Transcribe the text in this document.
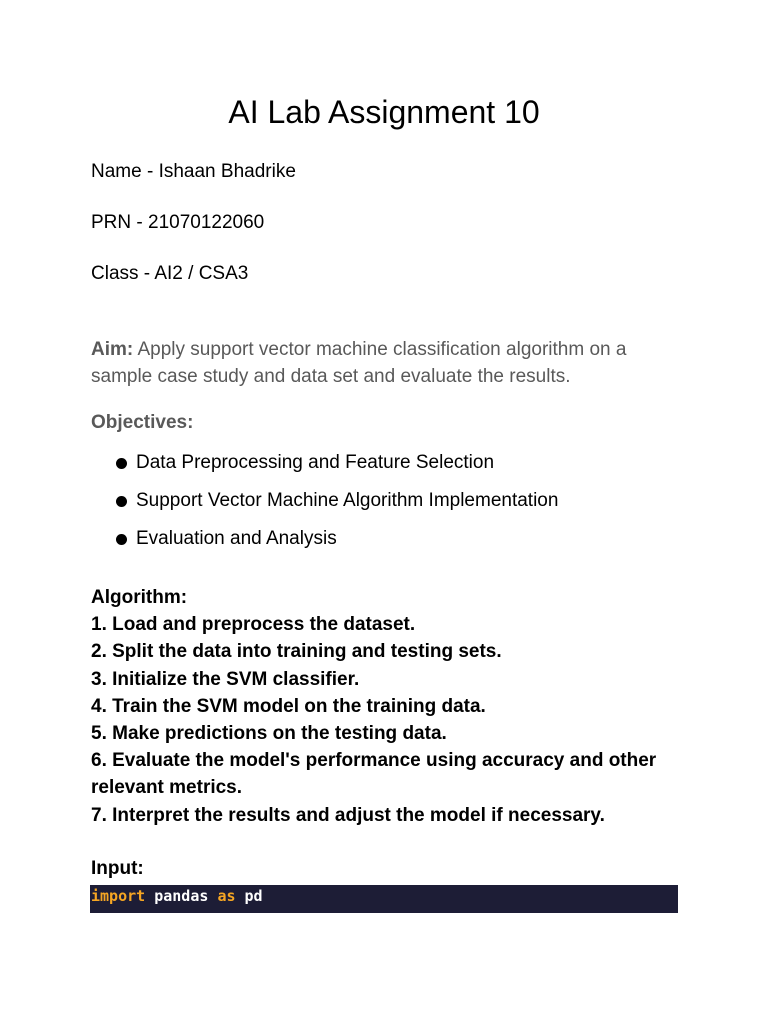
AI Lab Assignment 10
Name - Ishaan Bhadrike
PRN - 21070122060
Class - AI2 / CSA3
Aim: Apply support vector machine classification algorithm on a sample case study and data set and evaluate the results.
Objectives:
Data Preprocessing and Feature Selection
Support Vector Machine Algorithm Implementation
Evaluation and Analysis
Algorithm:
1. Load and preprocess the dataset.
2. Split the data into training and testing sets.
3. Initialize the SVM classifier.
4. Train the SVM model on the training data.
5. Make predictions on the testing data.
6. Evaluate the model's performance using accuracy and other relevant metrics.
7. Interpret the results and adjust the model if necessary.
Input:
import pandas as pd
